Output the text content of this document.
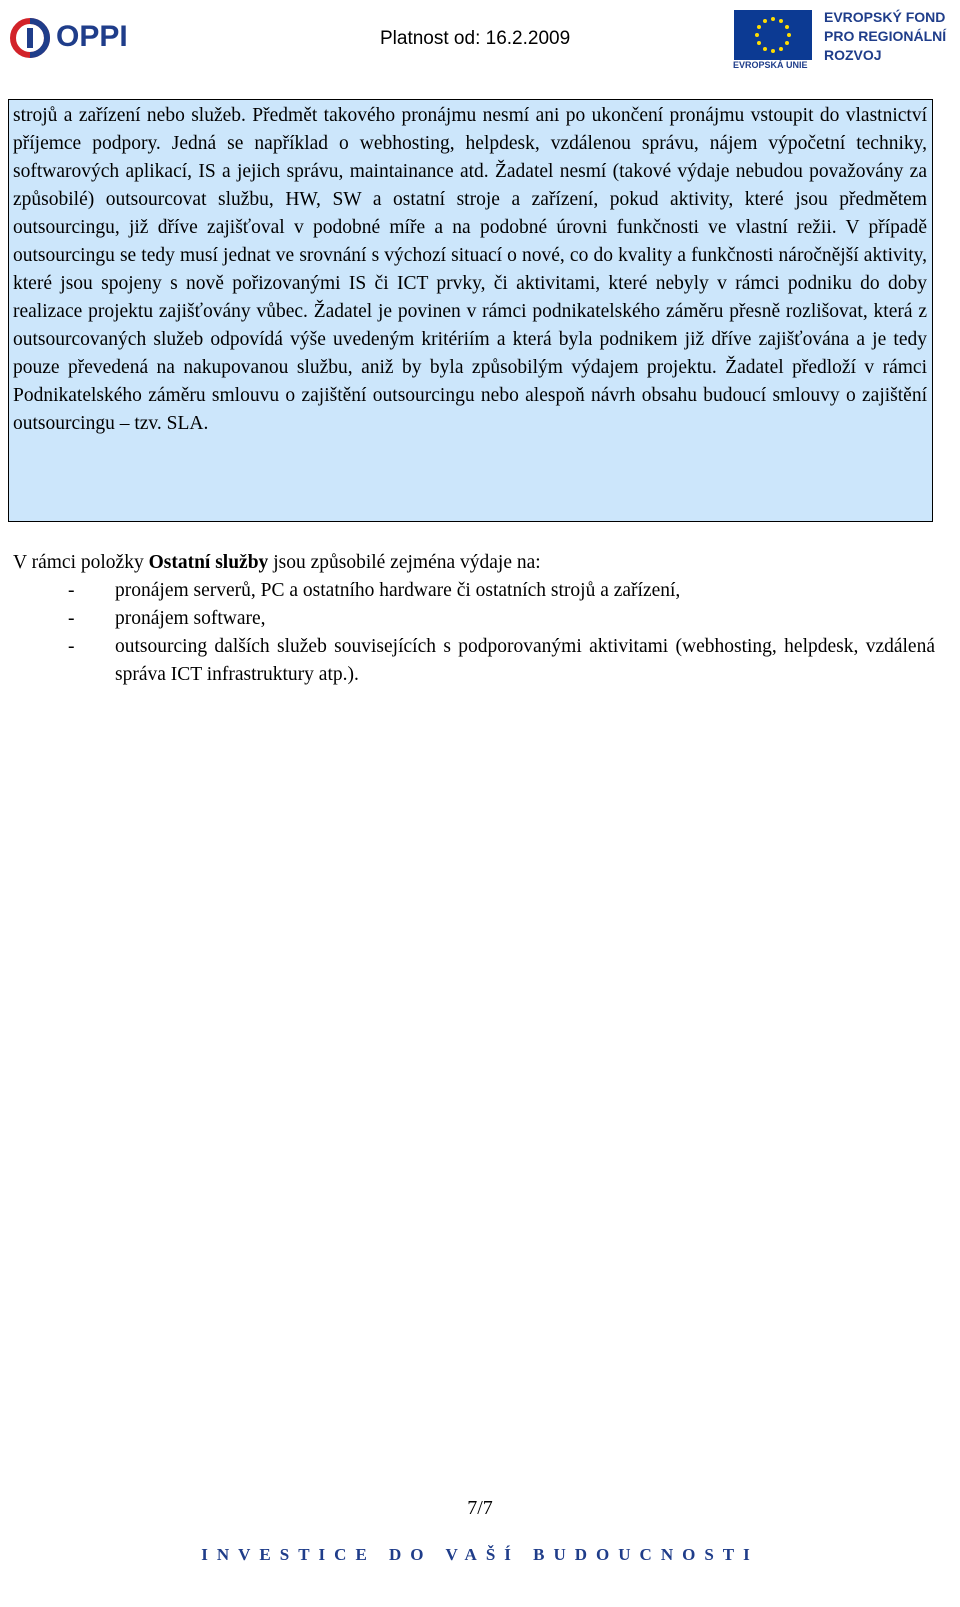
OPPI	Platnost od: 16.2.2009
EVROPSKÁ UNIE
EVROPSKÝ FOND
PRO REGIONÁLNÍ
ROZVOJ

strojů a zařízení nebo služeb. Předmět takového pronájmu nesmí ani po ukončení pronájmu vstoupit do vlastnictví příjemce podpory. Jedná se například o webhosting, helpdesk, vzdálenou správu, nájem výpočetní techniky, softwarových aplikací, IS a jejich správu, maintainance atd. Žadatel nesmí (takové výdaje nebudou považovány za způsobilé) outsourcovat službu, HW, SW a ostatní stroje a zařízení, pokud aktivity, které jsou předmětem outsourcingu, již dříve zajišťoval v podobné míře a na podobné úrovni funkčnosti ve vlastní režii. V případě outsourcingu se tedy musí jednat ve srovnání s výchozí situací o nové, co do kvality a funkčnosti náročnější aktivity, které jsou spojeny s nově pořizovanými IS či ICT prvky, či aktivitami, které nebyly v rámci podniku do doby realizace projektu zajišťovány vůbec. Žadatel je povinen v rámci podnikatelského záměru přesně rozlišovat, která z outsourcovaných služeb odpovídá výše uvedeným kritériím a která byla podnikem již dříve zajišťována a je tedy pouze převedená na nakupovanou službu, aniž by byla způsobilým výdajem projektu. Žadatel předloží v rámci Podnikatelského záměru smlouvu o zajištění outsourcingu nebo alespoň návrh obsahu budoucí smlouvy o zajištění outsourcingu – tzv. SLA.

V rámci položky Ostatní služby jsou způsobilé zejména výdaje na:

- pronájem serverů, PC a ostatního hardware či ostatních strojů a zařízení,
- pronájem software,
- outsourcing dalších služeb souvisejících s podporovanými aktivitami (webhosting, helpdesk, vzdálená správa ICT infrastruktury atp.).
7/7
INVESTICE DO VAŠÍ BUDOUCNOSTI
